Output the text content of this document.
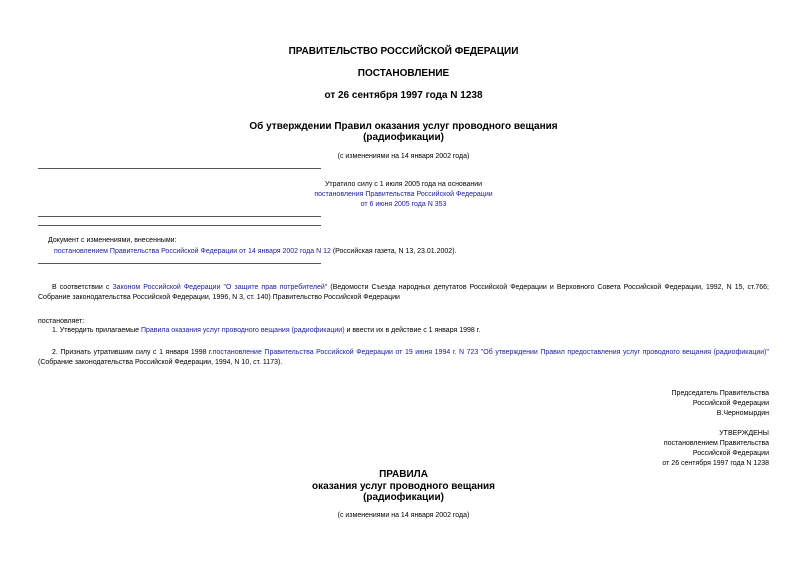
ПРАВИТЕЛЬСТВО РОССИЙСКОЙ ФЕДЕРАЦИИ
ПОСТАНОВЛЕНИЕ
от 26 сентября 1997 года N 1238
Об утверждении Правил оказания услуг проводного вещания
(радиофикации)
(с изменениями на 14 января 2002 года)
Утратило силу с 1 июля 2005 года на основании
постановления Правительства Российской Федерации
от 6 июня 2005 года N 353
Документ с изменениями, внесенными:
постановлением Правительства Российской Федерации от 14 января 2002 года N 12 (Российская газета, N 13, 23.01.2002).
В соответствии с Законом Российской Федерации "О защите прав потребителей" (Ведомости Съезда народных депутатов Российской Федерации и Верховного Совета Российской Федерации, 1992, N 15, ст.766; Собрание законодательства Российской Федерации, 1996, N 3, ст. 140) Правительство Российской Федерации
постановляет:
1. Утвердить прилагаемые Правила оказания услуг проводного вещания (радиофикации) и ввести их в действие с 1 января 1998 г.
2. Признать утратившим силу с 1 января 1998 г.постановление Правительства Российской Федерации от 19 июня 1994 г. N 723 "Об утверждении Правил предоставления услуг проводного вещания (радиофикации)" (Собрание законодательства Российской Федерации, 1994, N 10, ст. 1173).
Председатель Правительства
Российской Федерации
В.Черномырдин
УТВЕРЖДЕНЫ
постановлением Правительства
Российской Федерации
от 26 сентября 1997 года N 1238
ПРАВИЛА
оказания услуг проводного вещания
(радиофикации)
(с изменениями на 14 января 2002 года)
